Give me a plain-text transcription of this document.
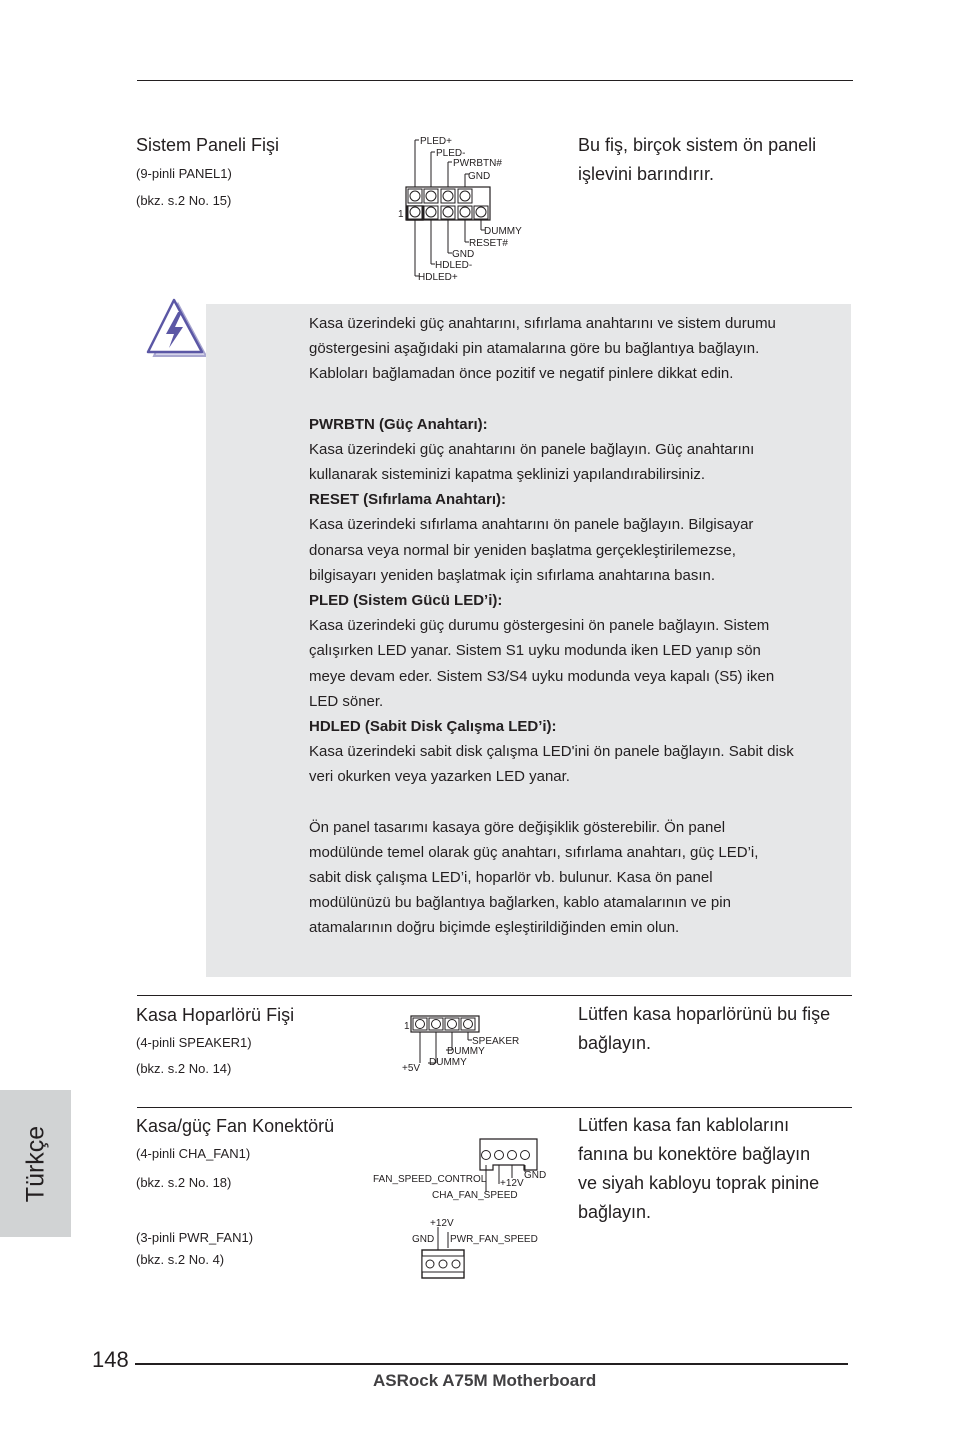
Sistem Paneli Fişi
(9-pinli PANEL1)
(bkz. s.2 No. 15)
Bu fiş, birçok sistem ön paneli
işlevini barındırır.
PLED+
PLED-
PWRBTN#
GND
1
DUMMY
RESET#
GND
HDLED-
HDLED+

Kasa üzerindeki güç anahtarını, sıfırlama anahtarını ve sistem durumu

göstergesini aşağıdaki pin atamalarına göre bu bağlantıya bağlayın.

Kabloları bağlamadan önce pozitif ve negatif pinlere dikkat edin.

PWRBTN (Güç Anahtarı):

Kasa üzerindeki güç anahtarını ön panele bağlayın. Güç anahtarını

kullanarak sisteminizi kapatma şeklinizi yapılandırabilirsiniz.

RESET (Sıfırlama Anahtarı):

Kasa üzerindeki sıfırlama anahtarını ön panele bağlayın. Bilgisayar

donarsa veya normal bir yeniden başlatma gerçekleştirilemezse,

bilgisayarı yeniden başlatmak için sıfırlama anahtarına basın.

PLED (Sistem Gücü LED’i):

Kasa üzerindeki güç durumu göstergesini ön panele bağlayın. Sistem

çalışırken LED yanar. Sistem S1 uyku modunda iken LED yanıp sön

meye devam eder. Sistem S3/S4 uyku modunda veya kapalı (S5) iken

LED söner.

HDLED (Sabit Disk Çalışma LED’i):

Kasa üzerindeki sabit disk çalışma LED'ini ön panele bağlayın. Sabit disk

veri okurken veya yazarken LED yanar.

Ön panel tasarımı kasaya göre değişiklik gösterebilir. Ön panel

modülünde temel olarak güç anahtarı, sıfırlama anahtarı, güç LED’i,

sabit disk çalışma LED’i, hoparlör vb. bulunur. Kasa ön panel

modülünüzü bu bağlantıya bağlarken, kablo atamalarının ve pin

atamalarının doğru biçimde eşleştirildiğinden emin olun.

Kasa Hoparlörü Fişi
(4-pinli SPEAKER1)
(bkz. s.2 No. 14)
Lütfen kasa hoparlörünü bu fişe
bağlayın.
1
SPEAKER
DUMMY
+5V
DUMMY
Kasa/güç Fan Konektörü
(4-pinli CHA_FAN1)
(bkz. s.2 No. 18)
(3-pinli PWR_FAN1)
(bkz. s.2 No. 4)
Lütfen kasa fan kablolarını
fanına bu konektöre bağlayın
ve siyah kabloyu toprak pinine
bağlayın.
GND
+12V
FAN_SPEED_CONTROL
CHA_FAN_SPEED
+12V
GND PWR_FAN_SPEED
Türkçe
148
ASRock A75M Motherboard
